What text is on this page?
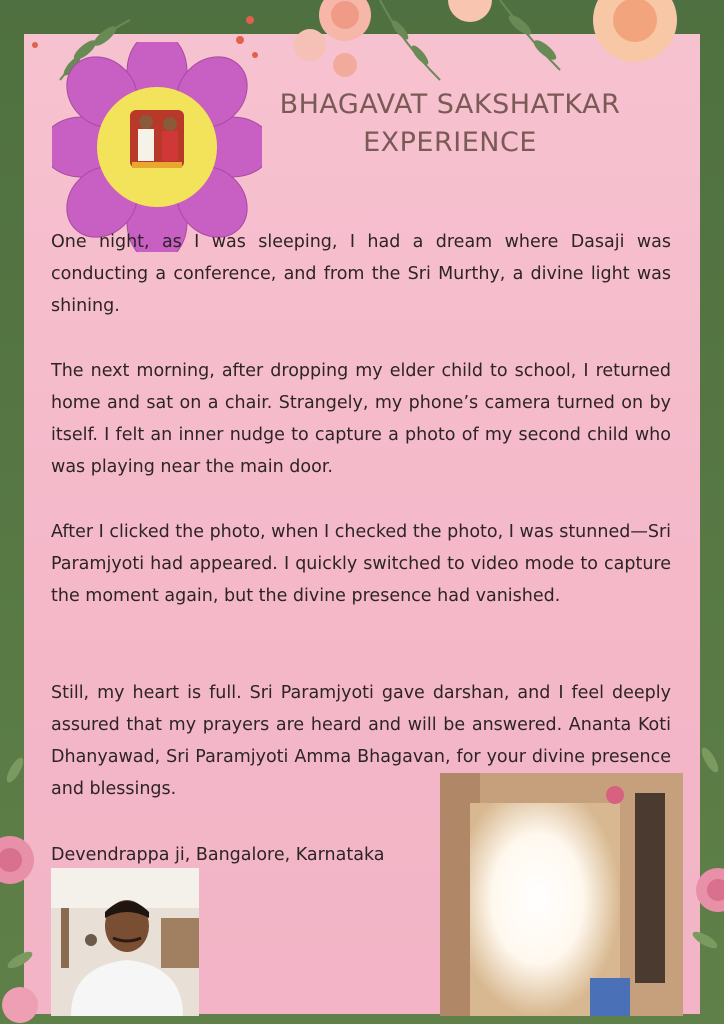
BHAGAVAT SAKSHATKAR
EXPERIENCE

One night, as I was sleeping, I had a dream where Dasaji was conducting a conference, and from the Sri Murthy, a divine light was shining.

The next morning, after dropping my elder child to school, I returned home and sat on a chair. Strangely, my phone’s camera turned on by itself. I felt an inner nudge to capture a photo of my second child who was playing near the main door.

After I clicked the photo, when I checked the photo, I was stunned—Sri Paramjyoti had appeared. I quickly switched to video mode to capture the moment again, but the divine presence had vanished.

Still, my heart is full. Sri Paramjyoti gave darshan, and I feel deeply assured that my prayers are heard and will be answered. Ananta Koti Dhanyawad, Sri Paramjyoti Amma Bhagavan, for your divine presence and blessings.

Devendrappa ji, Bangalore, Karnataka
